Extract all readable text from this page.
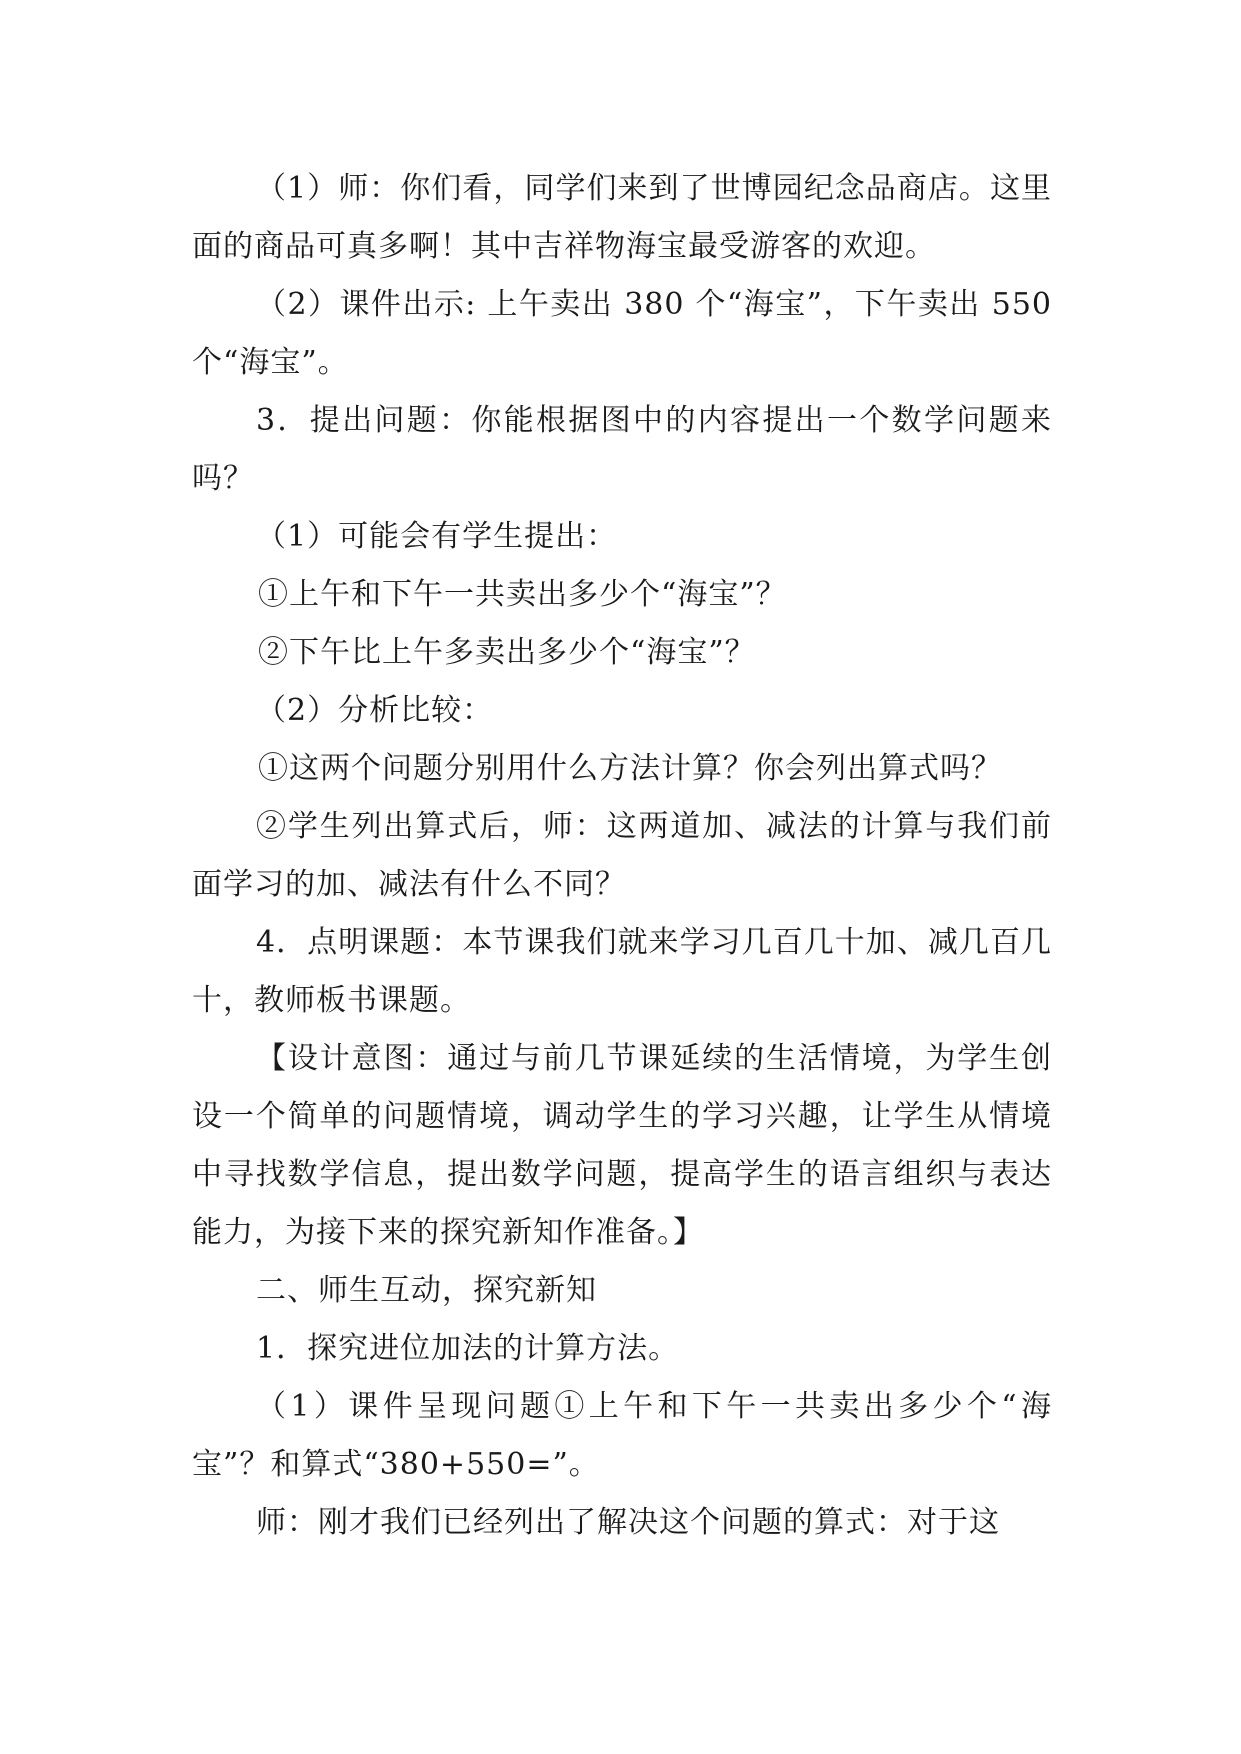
（1）师：你们看，同学们来到了世博园纪念品商店。这里面的商品可真多啊！其中吉祥物海宝最受游客的欢迎。

（2）课件出示: 上午卖出 380 个“海宝”，下午卖出 550 个“海宝”。

3．提出问题：你能根据图中的内容提出一个数学问题来吗？

（1）可能会有学生提出：

①上午和下午一共卖出多少个“海宝”？

②下午比上午多卖出多少个“海宝”？

（2）分析比较：

①这两个问题分别用什么方法计算？你会列出算式吗？

②学生列出算式后，师：这两道加、减法的计算与我们前面学习的加、减法有什么不同？

4．点明课题：本节课我们就来学习几百几十加、减几百几十，教师板书课题。

【设计意图：通过与前几节课延续的生活情境，为学生创设一个简单的问题情境，调动学生的学习兴趣，让学生从情境中寻找数学信息，提出数学问题，提高学生的语言组织与表达能力，为接下来的探究新知作准备。】

二、师生互动，探究新知

1．探究进位加法的计算方法。

（1）课件呈现问题①上午和下午一共卖出多少个“海宝”？和算式“380+550=”。

师：刚才我们已经列出了解决这个问题的算式：对于这
